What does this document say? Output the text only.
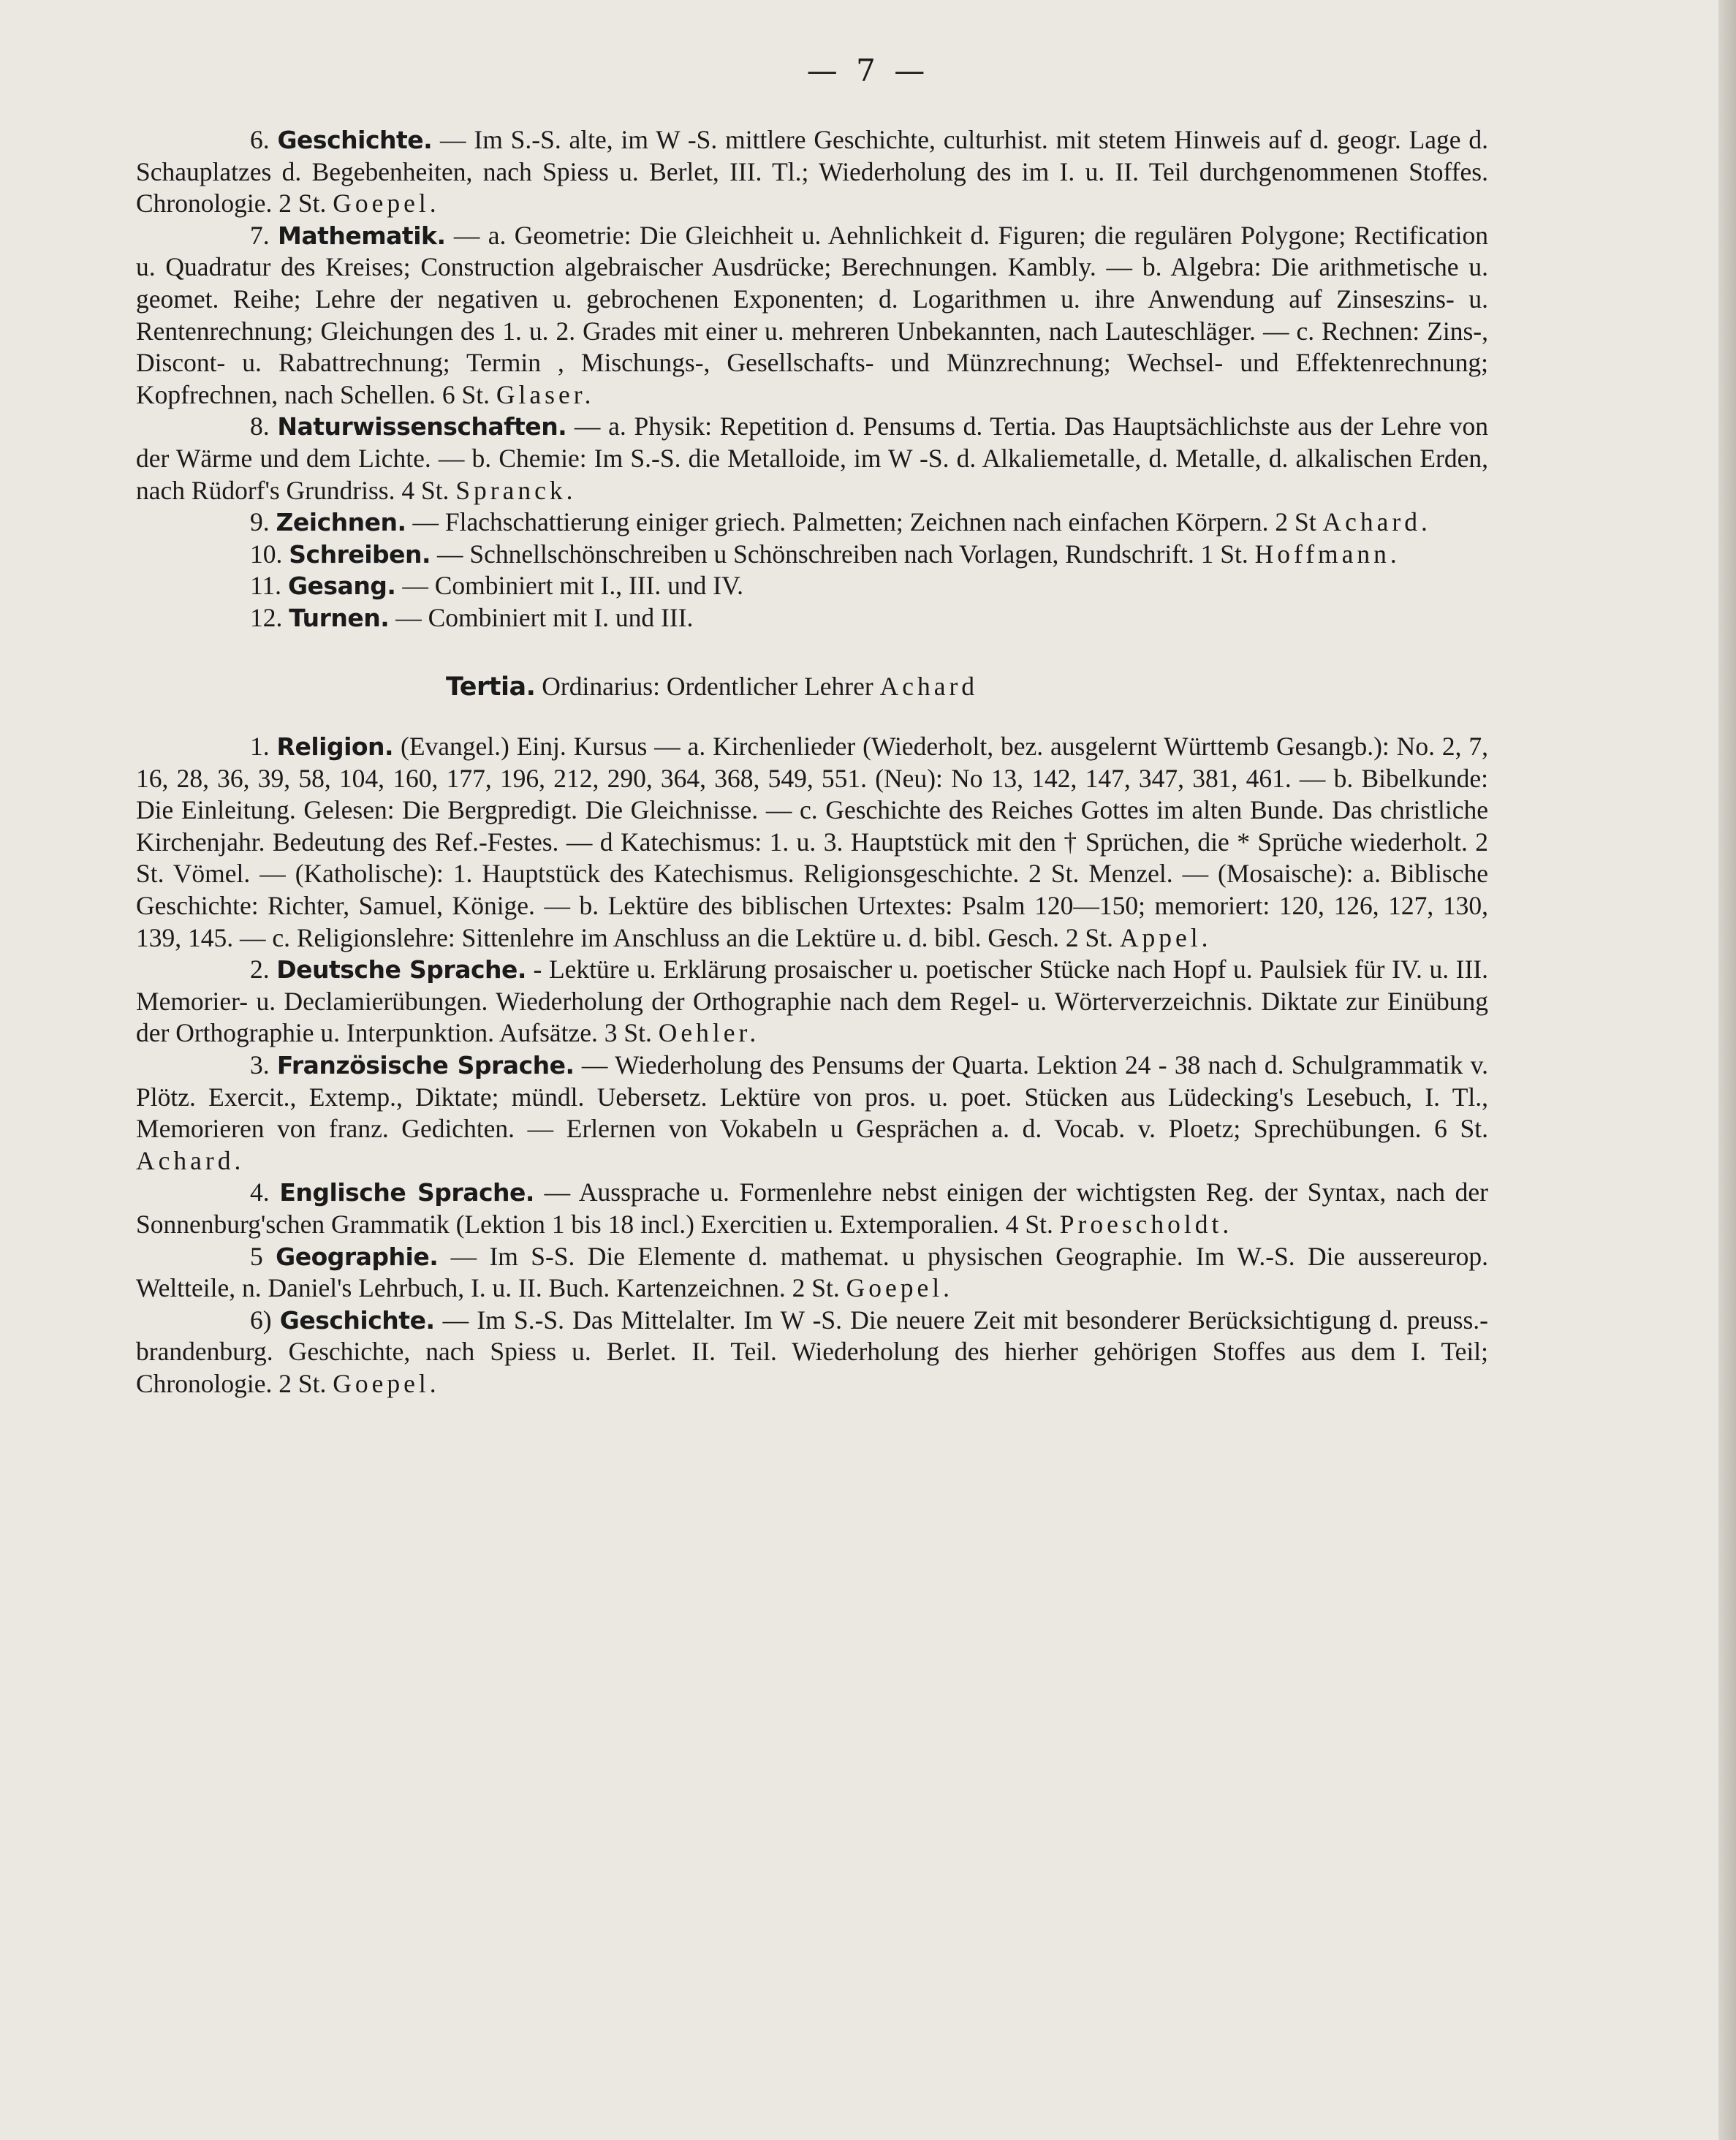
— 7 —

6. Geschichte. — Im S.-S. alte, im W -S. mittlere Geschichte, culturhist. mit stetem Hinweis auf d. geogr. Lage d. Schauplatzes d. Begebenheiten, nach Spiess u. Berlet, III. Tl.; Wiederholung des im I. u. II. Teil durchgenommenen Stoffes. Chronologie. 2 St. Goepel.

7. Mathematik. — a. Geometrie: Die Gleichheit u. Aehnlichkeit d. Figuren; die regulären Polygone; Rectification u. Quadratur des Kreises; Construction algebraischer Ausdrücke; Berechnungen. Kambly. — b. Algebra: Die arithmetische u. geomet. Reihe; Lehre der negativen u. gebrochenen Exponenten; d. Logarithmen u. ihre Anwendung auf Zinseszins- u. Rentenrechnung; Gleichungen des 1. u. 2. Grades mit einer u. mehreren Unbekannten, nach Lauteschläger. — c. Rechnen: Zins-, Discont- u. Rabattrechnung; Termin , Mischungs-, Gesellschafts- und Münzrechnung; Wechsel- und Effektenrechnung; Kopfrechnen, nach Schellen. 6 St. Glaser.

8. Naturwissenschaften. — a. Physik: Repetition d. Pensums d. Tertia. Das Hauptsächlichste aus der Lehre von der Wärme und dem Lichte. — b. Chemie: Im S.-S. die Metalloide, im W -S. d. Alkaliemetalle, d. Metalle, d. alkalischen Erden, nach Rüdorf's Grundriss. 4 St. Spranck.

9. Zeichnen. — Flachschattierung einiger griech. Palmetten; Zeichnen nach einfachen Körpern. 2 St Achard.

10. Schreiben. — Schnellschönschreiben u Schönschreiben nach Vorlagen, Rundschrift. 1 St. Hoffmann.

11. Gesang. — Combiniert mit I., III. und IV.

12. Turnen. — Combiniert mit I. und III.

Tertia. Ordinarius: Ordentlicher Lehrer Achard

1. Religion. (Evangel.) Einj. Kursus — a. Kirchenlieder (Wiederholt, bez. ausgelernt Württemb Gesangb.): No. 2, 7, 16, 28, 36, 39, 58, 104, 160, 177, 196, 212, 290, 364, 368, 549, 551. (Neu): No 13, 142, 147, 347, 381, 461. — b. Bibelkunde: Die Einleitung. Gelesen: Die Bergpredigt. Die Gleichnisse. — c. Geschichte des Reiches Gottes im alten Bunde. Das christliche Kirchenjahr. Bedeutung des Ref.-Festes. — d Katechismus: 1. u. 3. Hauptstück mit den † Sprüchen, die * Sprüche wiederholt. 2 St. Vömel. — (Katholische): 1. Hauptstück des Katechismus. Religionsgeschichte. 2 St. Menzel. — (Mosaische): a. Biblische Geschichte: Richter, Samuel, Könige. — b. Lektüre des biblischen Urtextes: Psalm 120—150; memoriert: 120, 126, 127, 130, 139, 145. — c. Religionslehre: Sittenlehre im Anschluss an die Lektüre u. d. bibl. Gesch. 2 St. Appel.

2. Deutsche Sprache. - Lektüre u. Erklärung prosaischer u. poetischer Stücke nach Hopf u. Paulsiek für IV. u. III. Memorier- u. Declamierübungen. Wiederholung der Orthographie nach dem Regel- u. Wörterverzeichnis. Diktate zur Einübung der Orthographie u. Interpunktion. Aufsätze. 3 St. Oehler.

3. Französische Sprache. — Wiederholung des Pensums der Quarta. Lektion 24 - 38 nach d. Schulgrammatik v. Plötz. Exercit., Extemp., Diktate; mündl. Uebersetz. Lektüre von pros. u. poet. Stücken aus Lüdecking's Lesebuch, I. Tl., Memorieren von franz. Gedichten. — Erlernen von Vokabeln u Gesprächen a. d. Vocab. v. Ploetz; Sprechübungen. 6 St. Achard.

4. Englische Sprache. — Aussprache u. Formenlehre nebst einigen der wichtigsten Reg. der Syntax, nach der Sonnenburg'schen Grammatik (Lektion 1 bis 18 incl.) Exercitien u. Extemporalien. 4 St. Proescholdt.

5 Geographie. — Im S-S. Die Elemente d. mathemat. u physischen Geographie. Im W.-S. Die aussereurop. Weltteile, n. Daniel's Lehrbuch, I. u. II. Buch. Kartenzeichnen. 2 St. Goepel.

6) Geschichte. — Im S.-S. Das Mittelalter. Im W -S. Die neuere Zeit mit besonderer Berücksichtigung d. preuss.-brandenburg. Geschichte, nach Spiess u. Berlet. II. Teil. Wiederholung des hierher gehörigen Stoffes aus dem I. Teil; Chronologie. 2 St. Goepel.
